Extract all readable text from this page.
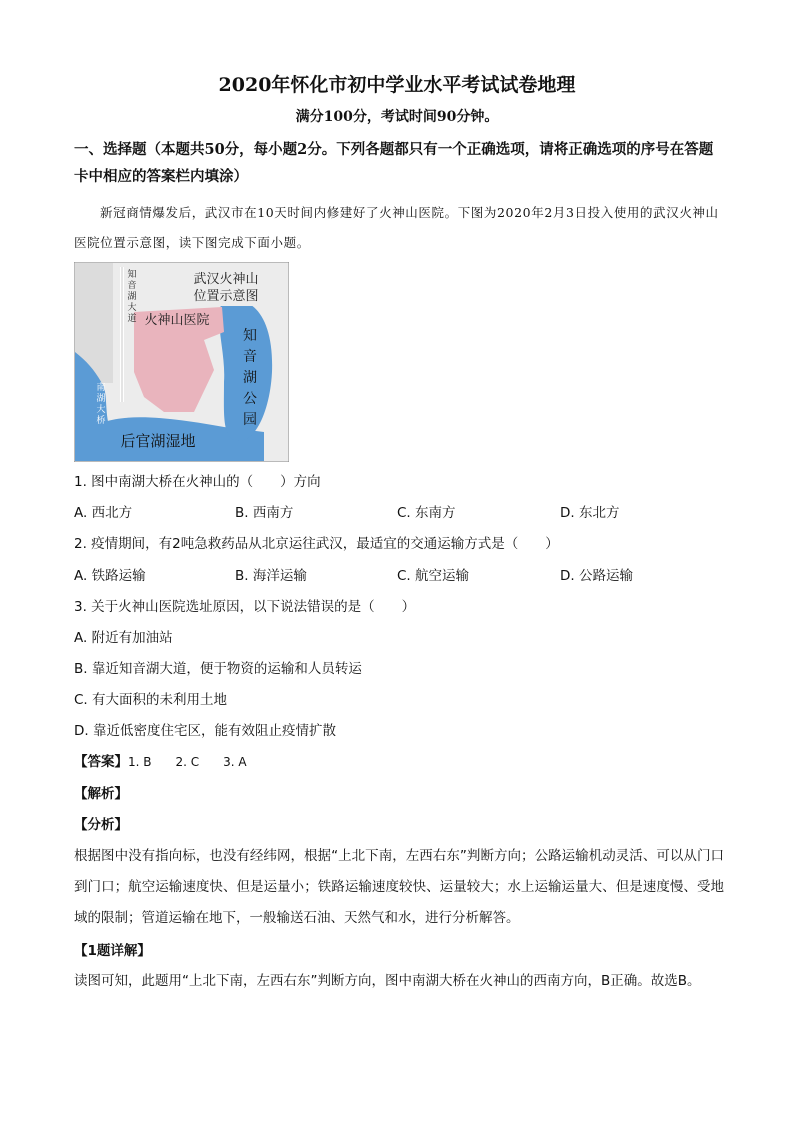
2020年怀化市初中学业水平考试试卷地理
满分100分，考试时间90分钟。
一、选择题（本题共50分，每小题2分。下列各题都只有一个正确选项，请将正确选项的序号在答题卡中相应的答案栏内填涂）
新冠商情爆发后，武汉市在10天时间内修建好了火神山医院。下图为2020年2月3日投入使用的武汉火神山医院位置示意图，读下图完成下面小题。
武汉火神山
位置示意图
火神山医院
知音湖公园
后官湖湿地
知音湖大道
南湖大桥
1. 图中南湖大桥在火神山的（　　）方向
A. 西北方	B. 西南方	C. 东南方	D. 东北方
2. 疫情期间，有2吨急救药品从北京运往武汉，最适宜的交通运输方式是（　　）
A. 铁路运输	B. 海洋运输	C. 航空运输	D. 公路运输
3. 关于火神山医院选址原因，以下说法错误的是（　　）
A. 附近有加油站
B. 靠近知音湖大道，便于物资的运输和人员转运
C. 有大面积的未利用土地
D. 靠近低密度住宅区，能有效阻止疫情扩散
【答案】1. B　　2. C　　3. A
【解析】
【分析】
根据图中没有指向标，也没有经纬网，根据“上北下南，左西右东”判断方向；公路运输机动灵活、可以从门口到门口；航空运输速度快、但是运量小；铁路运输速度较快、运量较大；水上运输运量大、但是速度慢、受地域的限制；管道运输在地下，一般输送石油、天然气和水，进行分析解答。
【1题详解】
读图可知，此题用“上北下南，左西右东”判断方向，图中南湖大桥在火神山的西南方向，B正确。故选B。
